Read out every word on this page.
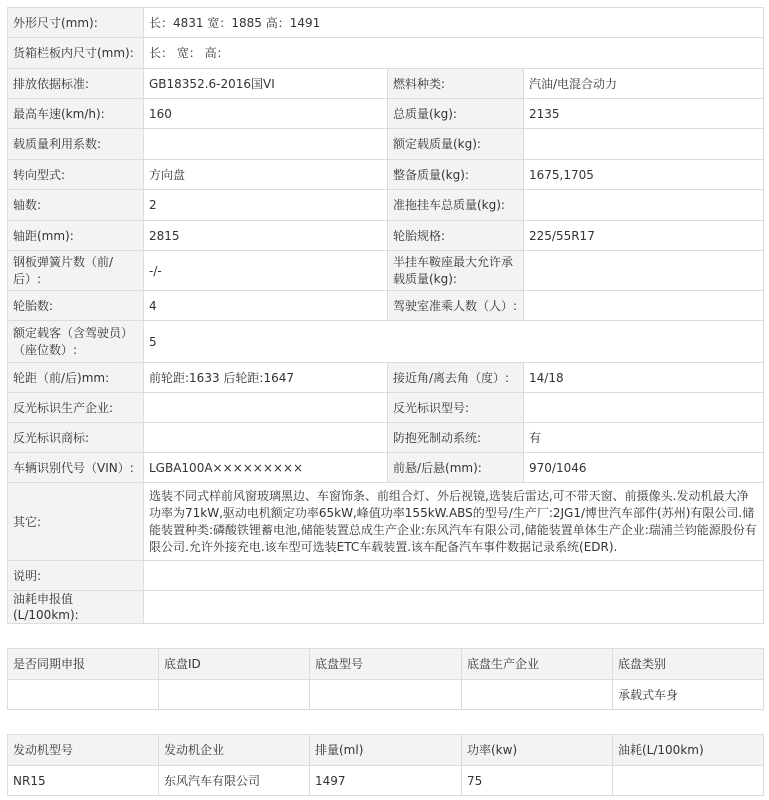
外形尺寸(mm):	长：4831 宽：1885 高：1491		
货箱栏板内尺寸(mm):	长： 宽： 高：		
排放依据标准:	GB18352.6-2016国VI	燃料种类:	汽油/电混合动力
最高车速(km/h):	160	总质量(kg):	2135
载质量利用系数:		额定载质量(kg):	
转向型式:	方向盘	整备质量(kg):	1675,1705
轴数:	2	准拖挂车总质量(kg):	
轴距(mm):	2815	轮胎规格:	225/55R17
钢板弹簧片数（前/后）:	-/-	半挂车鞍座最大允许承载质量(kg):	
轮胎数:	4	驾驶室准乘人数（人）:	
额定载客（含驾驶员）（座位数）:	5		
轮距（前/后)mm:	前轮距:1633 后轮距:1647	接近角/离去角（度）:	14/18
反光标识生产企业:		反光标识型号:	
反光标识商标:		防抱死制动系统:	有
车辆识别代号（VIN）:	LGBA100A×××××××××	前悬/后悬(mm):	970/1046
其它:	选装不同式样前风窗玻璃黑边、车窗饰条、前组合灯、外后视镜,选装后雷达,可不带天窗、前摄像头.发动机最大净功率为71kW,驱动电机额定功率65kW,峰值功率155kW.ABS的型号/生产厂:2JG1/博世汽车部件(苏州)有限公司.储能装置种类:磷酸铁锂蓄电池,储能装置总成生产企业:东风汽车有限公司,储能装置单体生产企业:瑞浦兰钧能源股份有限公司.允许外接充电.该车型可选装ETC车载装置.该车配备汽车事件数据记录系统(EDR).		
说明:			
油耗申报值(L/100km):			
是否同期申报	底盘ID	底盘型号	底盘生产企业	底盘类别
				承载式车身
发动机型号	发动机企业	排量(ml)	功率(kw)	油耗(L/100km)
NR15	东风汽车有限公司	1497	75	
